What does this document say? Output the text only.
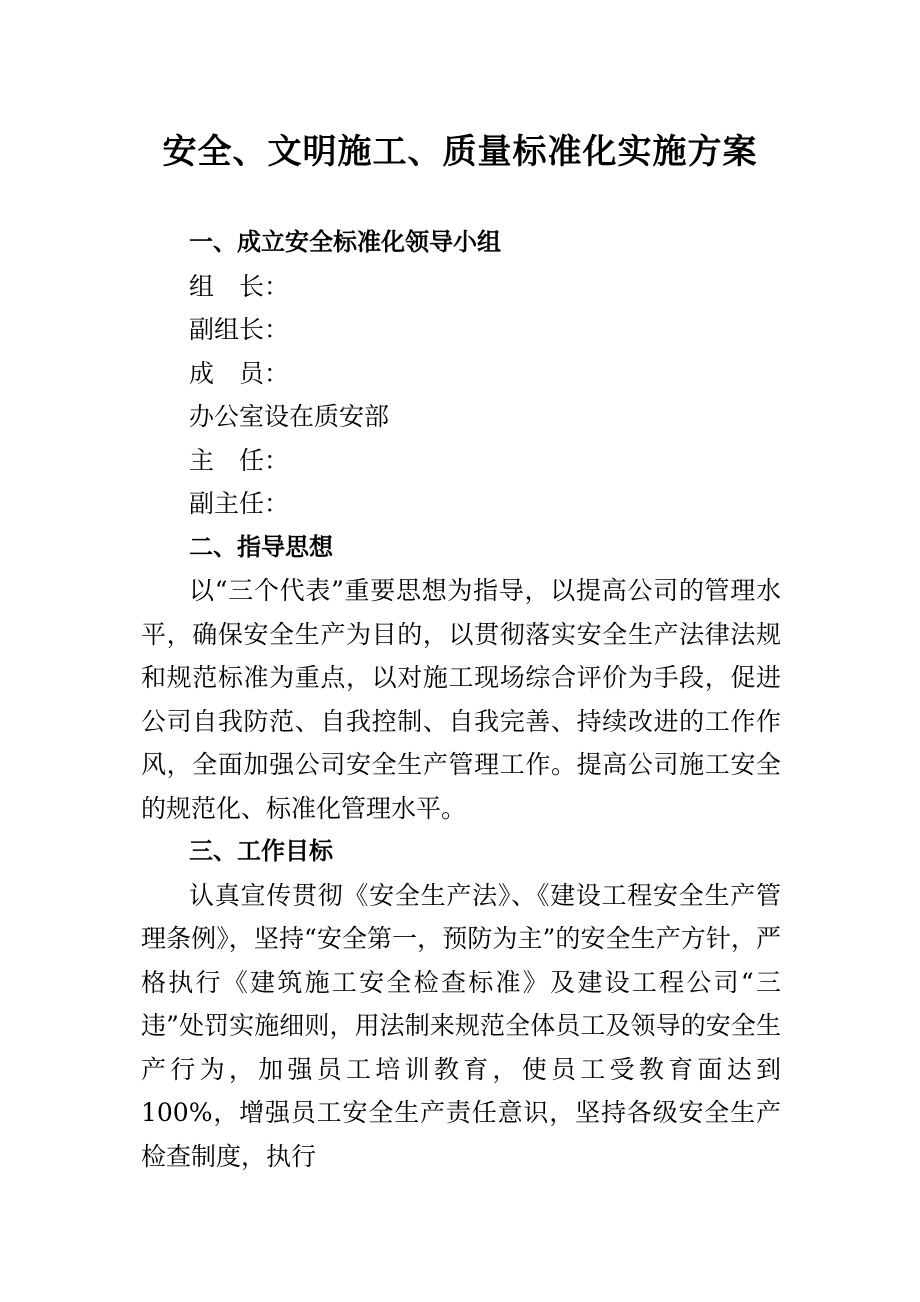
安全、文明施工、质量标准化实施方案

一、成立安全标准化领导小组

组　长：

副组长：

成　员：

办公室设在质安部

主　任：

副主任：

二、指导思想

以“三个代表”重要思想为指导，以提高公司的管理水平，确保安全生产为目的，以贯彻落实安全生产法律法规和规范标准为重点，以对施工现场综合评价为手段，促进公司自我防范、自我控制、自我完善、持续改进的工作作风，全面加强公司安全生产管理工作。提高公司施工安全的规范化、标准化管理水平。

三、工作目标

认真宣传贯彻《安全生产法》、《建设工程安全生产管理条例》，坚持“安全第一，预防为主”的安全生产方针，严格执行《建筑施工安全检查标准》及建设工程公司“三违”处罚实施细则，用法制来规范全体员工及领导的安全生产行为，加强员工培训教育，使员工受教育面达到100%，增强员工安全生产责任意识，坚持各级安全生产检查制度，执行
